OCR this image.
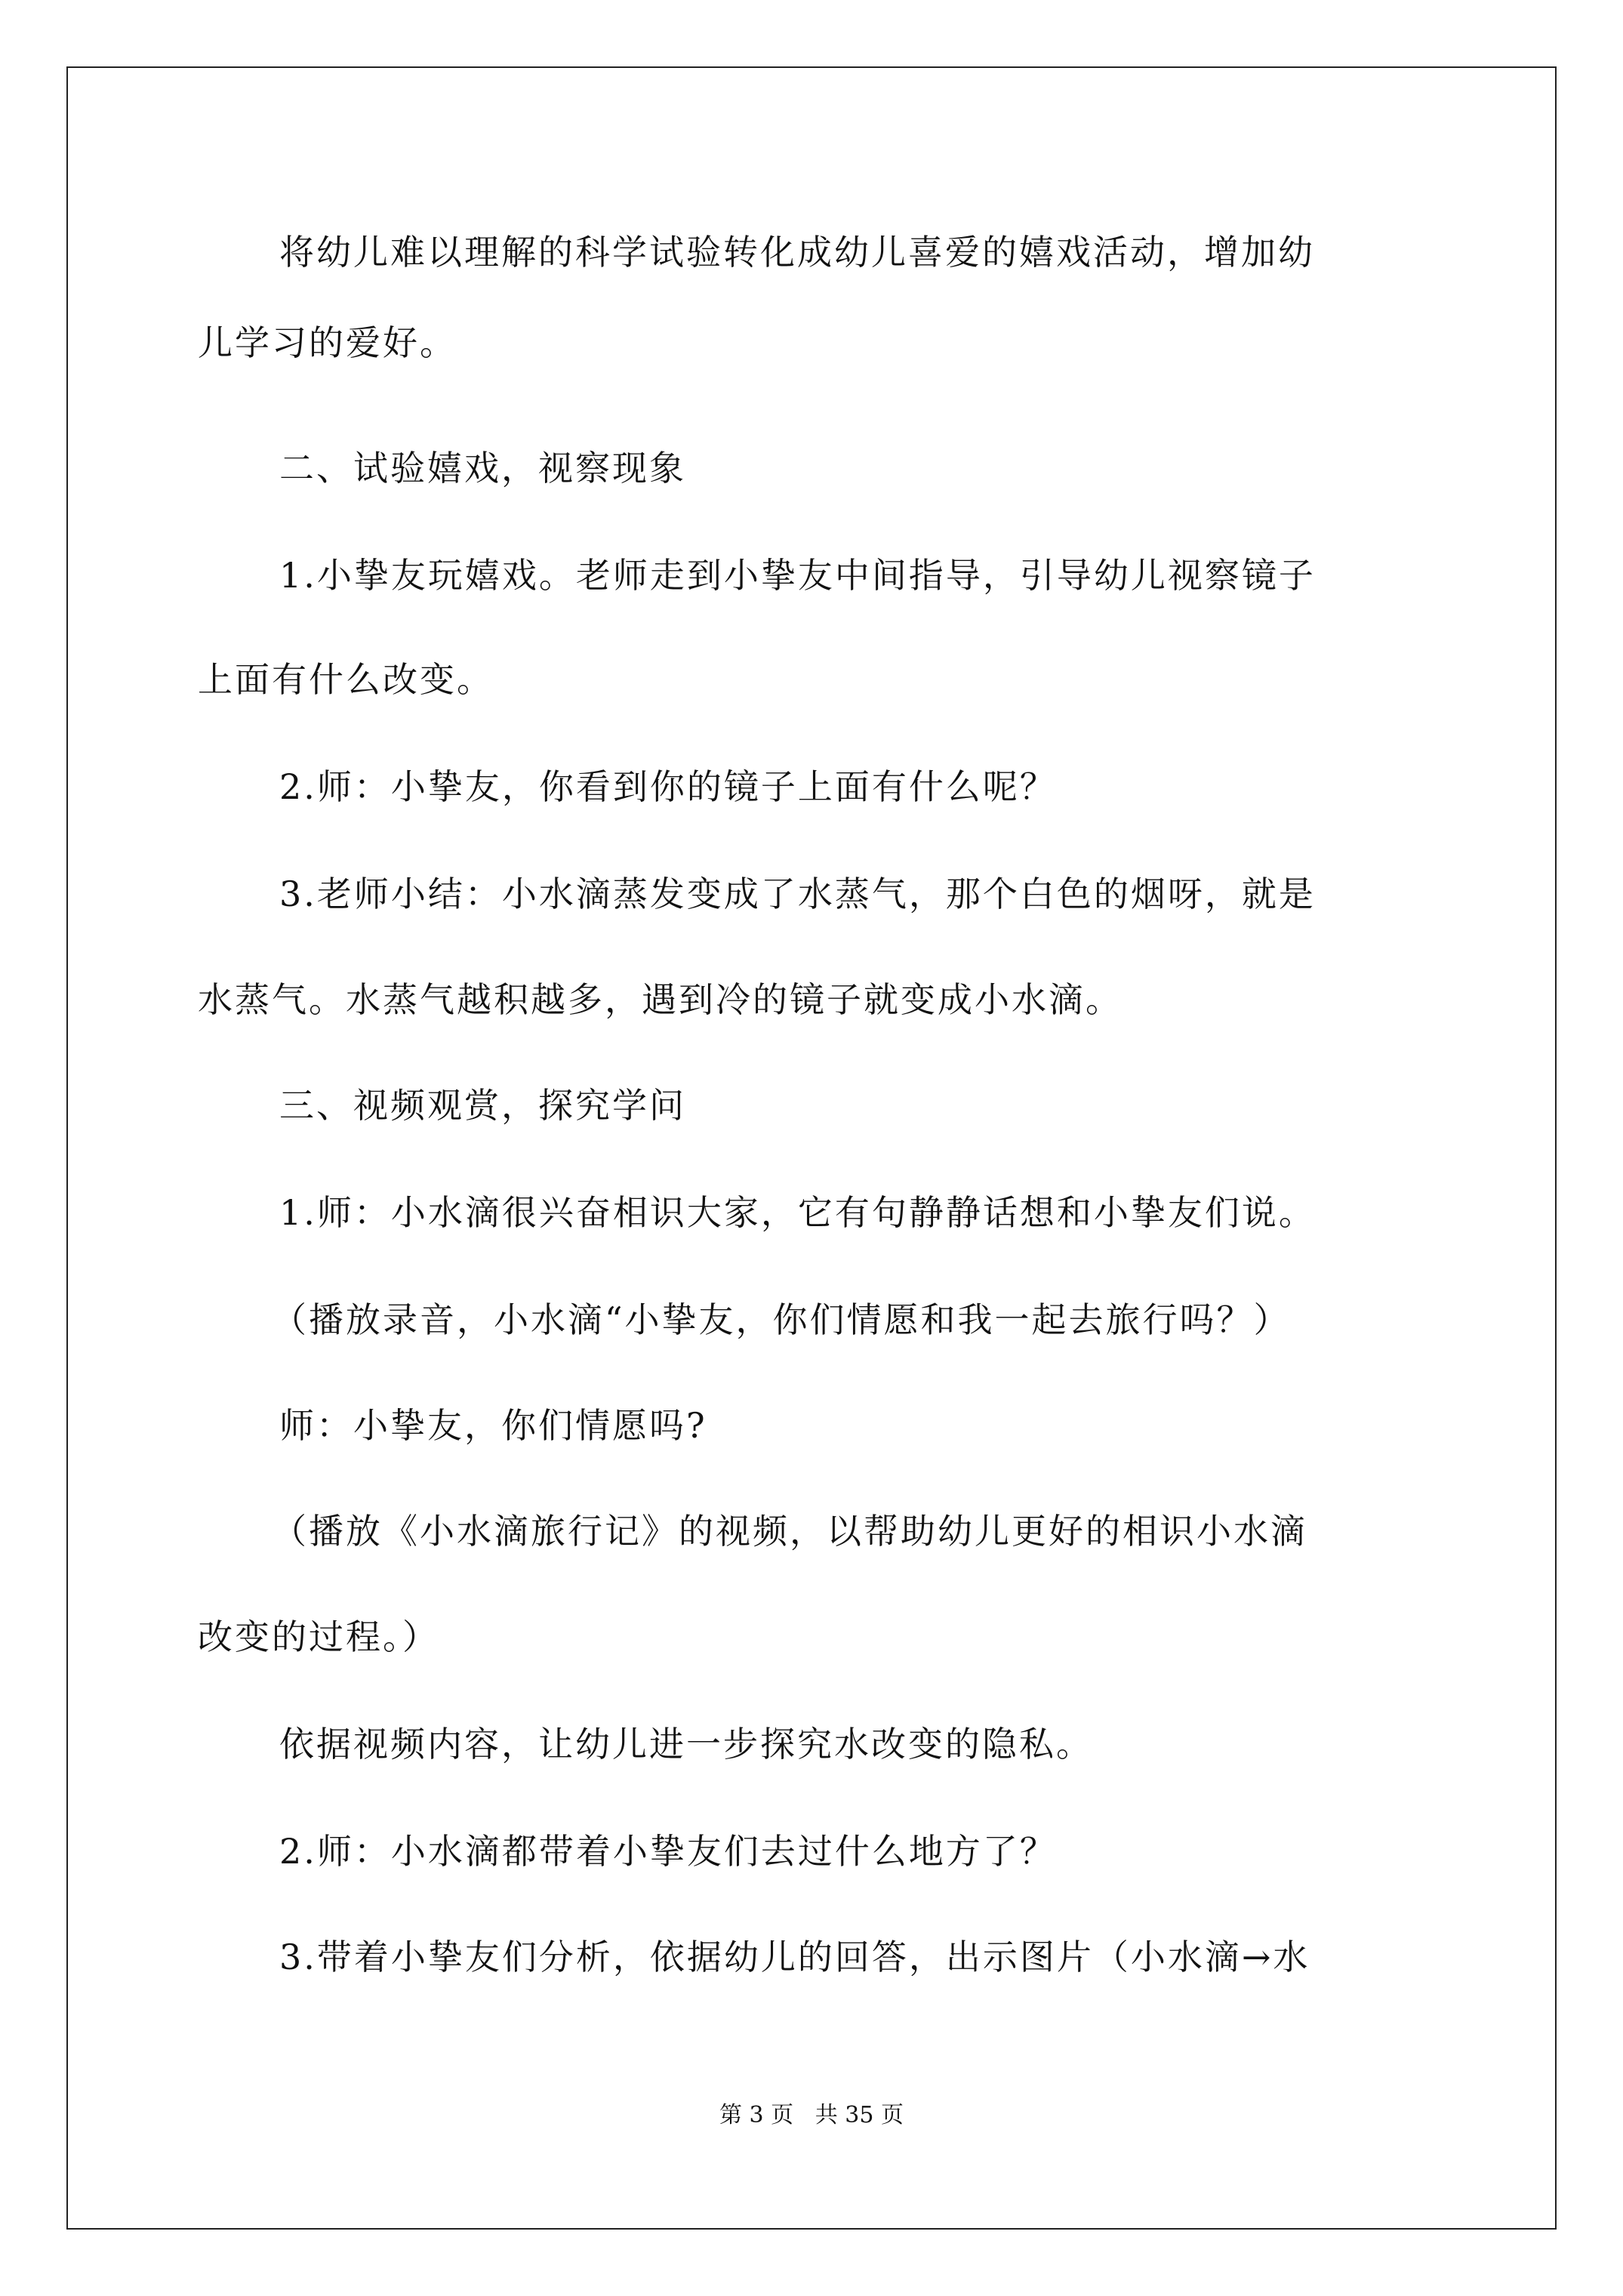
将幼儿难以理解的科学试验转化成幼儿喜爱的嬉戏活动，增加幼
儿学习的爱好。
二、试验嬉戏，视察现象
1.小挚友玩嬉戏。老师走到小挚友中间指导，引导幼儿视察镜子
上面有什么改变。
2.师：小挚友，你看到你的镜子上面有什么呢？
3.老师小结：小水滴蒸发变成了水蒸气，那个白色的烟呀，就是
水蒸气。水蒸气越积越多，遇到冷的镜子就变成小水滴。
三、视频观赏，探究学问
1.师：小水滴很兴奋相识大家，它有句静静话想和小挚友们说。
（播放录音，小水滴“小挚友，你们情愿和我一起去旅行吗？）
师：小挚友，你们情愿吗?
（播放《小水滴旅行记》的视频，以帮助幼儿更好的相识小水滴
改变的过程。）
依据视频内容，让幼儿进一步探究水改变的隐私。
2.师：小水滴都带着小挚友们去过什么地方了？
3.带着小挚友们分析，依据幼儿的回答，出示图片（小水滴→水
第 3 页   共 35 页
